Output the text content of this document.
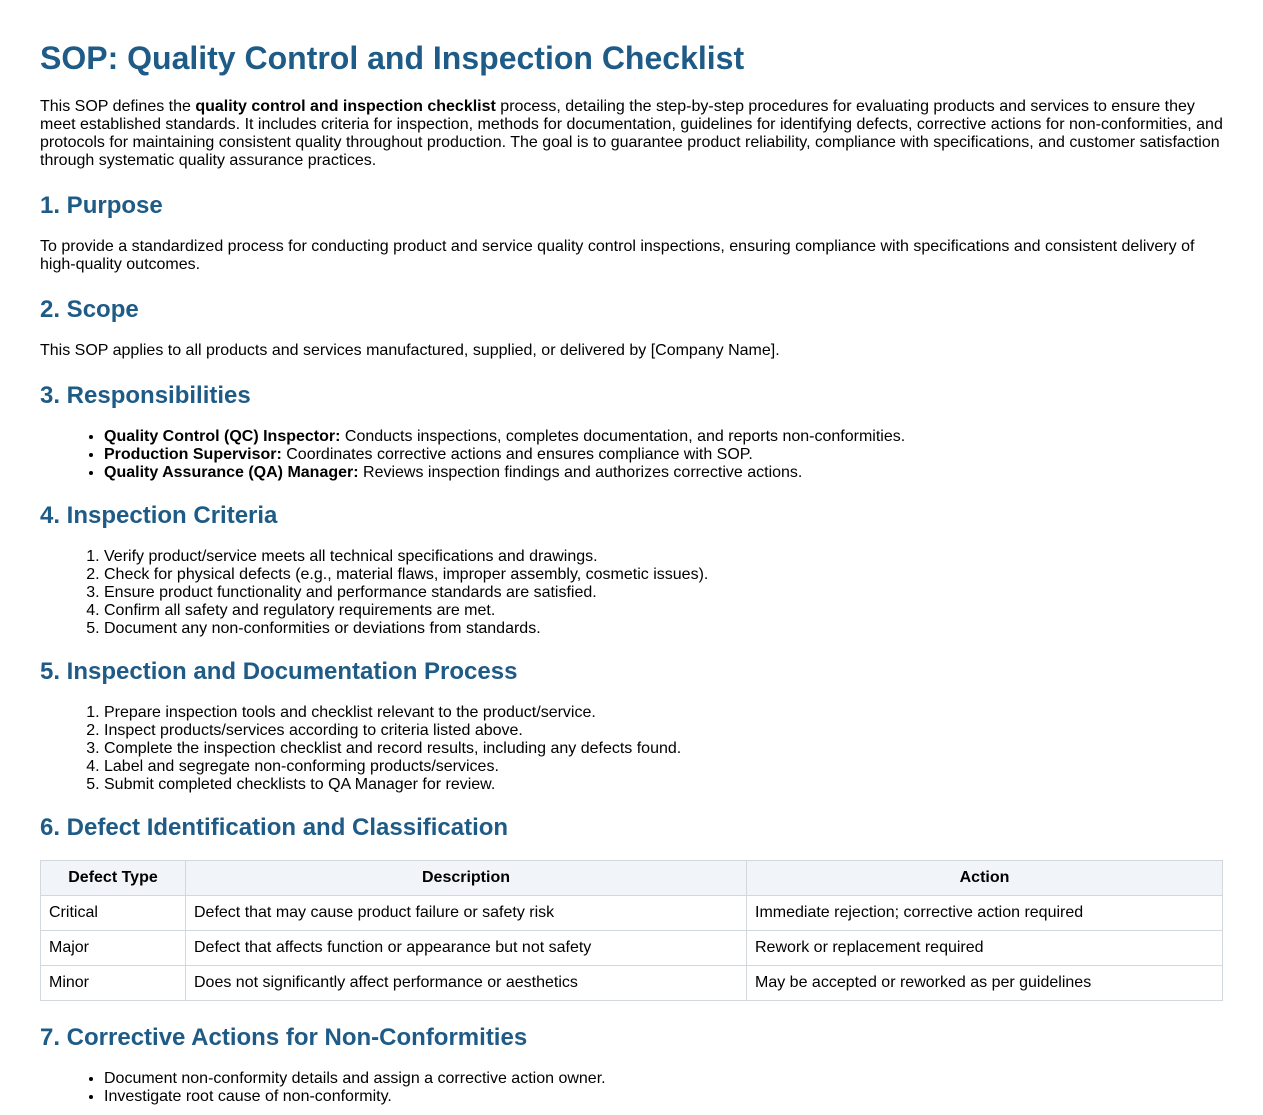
SOP: Quality Control and Inspection Checklist

This SOP defines the quality control and inspection checklist process, detailing the step-by-step procedures for evaluating products and services to ensure they meet established standards. It includes criteria for inspection, methods for documentation, guidelines for identifying defects, corrective actions for non-conformities, and protocols for maintaining consistent quality throughout production. The goal is to guarantee product reliability, compliance with specifications, and customer satisfaction through systematic quality assurance practices.

1. Purpose

To provide a standardized process for conducting product and service quality control inspections, ensuring compliance with specifications and consistent delivery of high-quality outcomes.

2. Scope

This SOP applies to all products and services manufactured, supplied, or delivered by [Company Name].

3. Responsibilities
• Quality Control (QC) Inspector: Conducts inspections, completes documentation, and reports non-conformities.
• Production Supervisor: Coordinates corrective actions and ensures compliance with SOP.
• Quality Assurance (QA) Manager: Reviews inspection findings and authorizes corrective actions.
4. Inspection Criteria
1. Verify product/service meets all technical specifications and drawings.
2. Check for physical defects (e.g., material flaws, improper assembly, cosmetic issues).
3. Ensure product functionality and performance standards are satisfied.
4. Confirm all safety and regulatory requirements are met.
5. Document any non-conformities or deviations from standards.
5. Inspection and Documentation Process
1. Prepare inspection tools and checklist relevant to the product/service.
2. Inspect products/services according to criteria listed above.
3. Complete the inspection checklist and record results, including any defects found.
4. Label and segregate non-conforming products/services.
5. Submit completed checklists to QA Manager for review.
6. Defect Identification and Classification
Defect Type	Description	Action
Critical	Defect that may cause product failure or safety risk	Immediate rejection; corrective action required
Major	Defect that affects function or appearance but not safety	Rework or replacement required
Minor	Does not significantly affect performance or aesthetics	May be accepted or reworked as per guidelines
7. Corrective Actions for Non-Conformities
• Document non-conformity details and assign a corrective action owner.
• Investigate root cause of non-conformity.
